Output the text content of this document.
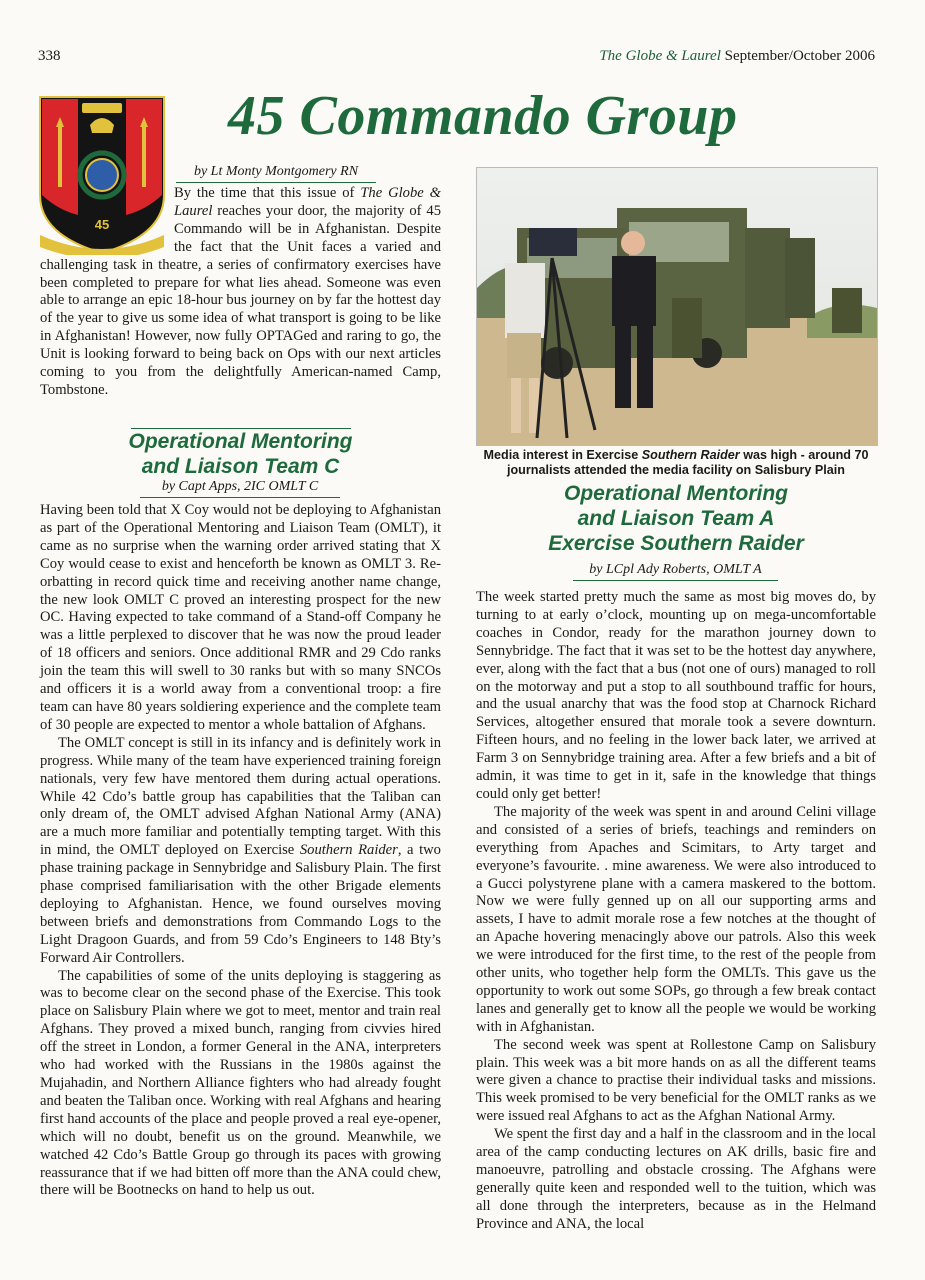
338	The Globe & Laurel September/October 2006
45
45 Commando Group
by Lt Monty Montgomery RN

By the time that this issue of The Globe & Laurel reaches your door, the majority of 45 Commando will be in Afghanistan. Despite the fact that the Unit faces a varied and challenging task in theatre, a series of confirmatory exercises have been completed to prepare for what lies ahead. Someone was even able to arrange an epic 18-hour bus journey on by far the hottest day of the year to give us some idea of what transport is going to be like in Afghanistan! However, now fully OPTAGed and raring to go, the Unit is looking forward to being back on Ops with our next articles coming to you from the delightfully American-named Camp, Tombstone.

Operational Mentoring
and Liaison Team C
by Capt Apps, 2IC OMLT C

Having been told that X Coy would not be deploying to Afghanistan as part of the Operational Mentoring and Liaison Team (OMLT), it came as no surprise when the warning order arrived stating that X Coy would cease to exist and henceforth be known as OMLT 3. Re-orbatting in record quick time and receiving another name change, the new look OMLT C proved an interesting prospect for the new OC. Having expected to take command of a Stand-off Company he was a little perplexed to discover that he was now the proud leader of 18 officers and seniors. Once additional RMR and 29 Cdo ranks join the team this will swell to 30 ranks but with so many SNCOs and officers it is a world away from a conventional troop: a fire team can have 80 years soldiering experience and the complete team of 30 people are expected to mentor a whole battalion of Afghans.

The OMLT concept is still in its infancy and is definitely work in progress. While many of the team have experienced training foreign nationals, very few have mentored them during actual operations. While 42 Cdo’s battle group has capabilities that the Taliban can only dream of, the OMLT advised Afghan National Army (ANA) are a much more familiar and potentially tempting target. With this in mind, the OMLT deployed on Exercise Southern Raider, a two phase training package in Sennybridge and Salisbury Plain. The first phase comprised familiarisation with the other Brigade elements deploying to Afghanistan. Hence, we found ourselves moving between briefs and demonstrations from Commando Logs to the Light Dragoon Guards, and from 59 Cdo’s Engineers to 148 Bty’s Forward Air Controllers.

The capabilities of some of the units deploying is staggering as was to become clear on the second phase of the Exercise. This took place on Salisbury Plain where we got to meet, mentor and train real Afghans. They proved a mixed bunch, ranging from civvies hired off the street in London, a former General in the ANA, interpreters who had worked with the Russians in the 1980s against the Mujahadin, and Northern Alliance fighters who had already fought and beaten the Taliban once. Working with real Afghans and hearing first hand accounts of the place and people proved a real eye-opener, which will no doubt, benefit us on the ground. Meanwhile, we watched 42 Cdo’s Battle Group go through its paces with growing reassurance that if we had bitten off more than the ANA could chew, there will be Bootnecks on hand to help us out.

Media interest in Exercise Southern Raider was high - around 70 journalists attended the media facility on Salisbury Plain
Operational Mentoring
and Liaison Team A
Exercise Southern Raider
by LCpl Ady Roberts, OMLT A

The week started pretty much the same as most big moves do, by turning to at early o’clock, mounting up on mega-uncomfortable coaches in Condor, ready for the marathon journey down to Sennybridge. The fact that it was set to be the hottest day anywhere, ever, along with the fact that a bus (not one of ours) managed to roll on the motorway and put a stop to all southbound traffic for hours, and the usual anarchy that was the food stop at Charnock Richard Services, altogether ensured that morale took a severe downturn. Fifteen hours, and no feeling in the lower back later, we arrived at Farm 3 on Sennybridge training area. After a few briefs and a bit of admin, it was time to get in it, safe in the knowledge that things could only get better!

The majority of the week was spent in and around Celini village and consisted of a series of briefs, teachings and reminders on everything from Apaches and Scimitars, to Arty target and everyone’s favourite. . mine awareness. We were also introduced to a Gucci polystyrene plane with a camera maskered to the bottom. Now we were fully genned up on all our supporting arms and assets, I have to admit morale rose a few notches at the thought of an Apache hovering menacingly above our patrols. Also this week we were introduced for the first time, to the rest of the people from other units, who together help form the OMLTs. This gave us the opportunity to work out some SOPs, go through a few break contact lanes and generally get to know all the people we would be working with in Afghanistan.

The second week was spent at Rollestone Camp on Salisbury plain. This week was a bit more hands on as all the different teams were given a chance to practise their individual tasks and missions. This week promised to be very beneficial for the OMLT ranks as we were issued real Afghans to act as the Afghan National Army.

We spent the first day and a half in the classroom and in the local area of the camp conducting lectures on AK drills, basic fire and manoeuvre, patrolling and obstacle crossing. The Afghans were generally quite keen and responded well to the tuition, which was all done through the interpreters, because as in the Helmand Province and ANA, the local
